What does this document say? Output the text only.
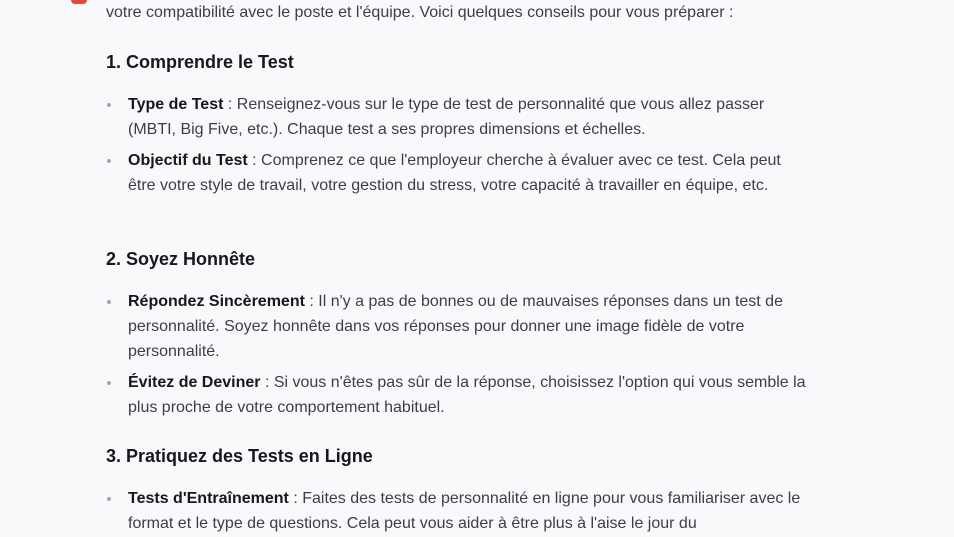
votre compatibilité avec le poste et l'équipe. Voici quelques conseils pour vous préparer :
1. Comprendre le Test
Type de Test : Renseignez-vous sur le type de test de personnalité que vous allez passer (MBTI, Big Five, etc.). Chaque test a ses propres dimensions et échelles.
Objectif du Test : Comprenez ce que l'employeur cherche à évaluer avec ce test. Cela peut être votre style de travail, votre gestion du stress, votre capacité à travailler en équipe, etc.
2. Soyez Honnête
Répondez Sincèrement : Il n'y a pas de bonnes ou de mauvaises réponses dans un test de personnalité. Soyez honnête dans vos réponses pour donner une image fidèle de votre personnalité.
Évitez de Deviner : Si vous n'êtes pas sûr de la réponse, choisissez l'option qui vous semble la plus proche de votre comportement habituel.
3. Pratiquez des Tests en Ligne
Tests d'Entraînement : Faites des tests de personnalité en ligne pour vous familiariser avec le format et le type de questions. Cela peut vous aider à être plus à l'aise le jour du
